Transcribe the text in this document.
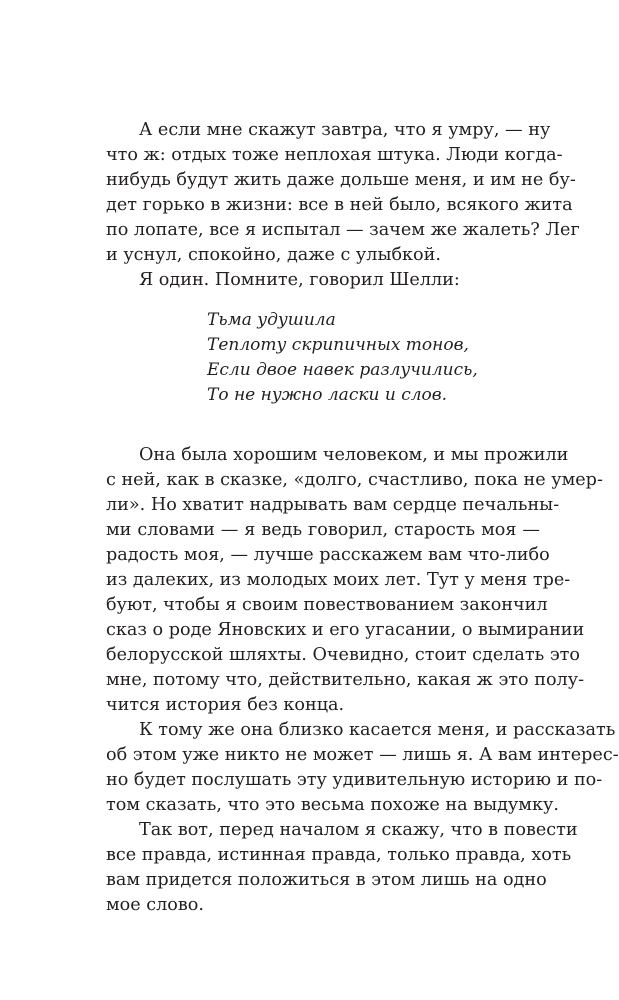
А если мне скажут завтра, что я умру, — ну
что ж: отдых тоже неплохая штука. Люди когда-
нибудь будут жить даже дольше меня, и им не бу-
дет горько в жизни: все в ней было, всякого жита
по лопате, все я испытал — зачем же жалеть? Лег
и уснул, спокойно, даже с улыбкой.
Я один. Помните, говорил Шелли:
Тьма удушила
Теплоту скрипичных тонов,
Если двое навек разлучились,
То не нужно ласки и слов.
Она была хорошим человеком, и мы прожили
с ней, как в сказке, «долго, счастливо, пока не умер-
ли». Но хватит надрывать вам сердце печальны-
ми словами — я ведь говорил, старость моя —
радость моя, — лучше расскажем вам что-либо
из далеких, из молодых моих лет. Тут у меня тре-
буют, чтобы я своим повествованием закончил
сказ о роде Яновских и его угасании, о вымирании
белорусской шляхты. Очевидно, стоит сделать это
мне, потому что, действительно, какая ж это полу-
чится история без конца.
К тому же она близко касается меня, и рассказать
об этом уже никто не может — лишь я. А вам интерес-
но будет послушать эту удивительную историю и по-
том сказать, что это весьма похоже на выдумку.
Так вот, перед началом я скажу, что в повести
все правда, истинная правда, только правда, хоть
вам придется положиться в этом лишь на одно
мое слово.
